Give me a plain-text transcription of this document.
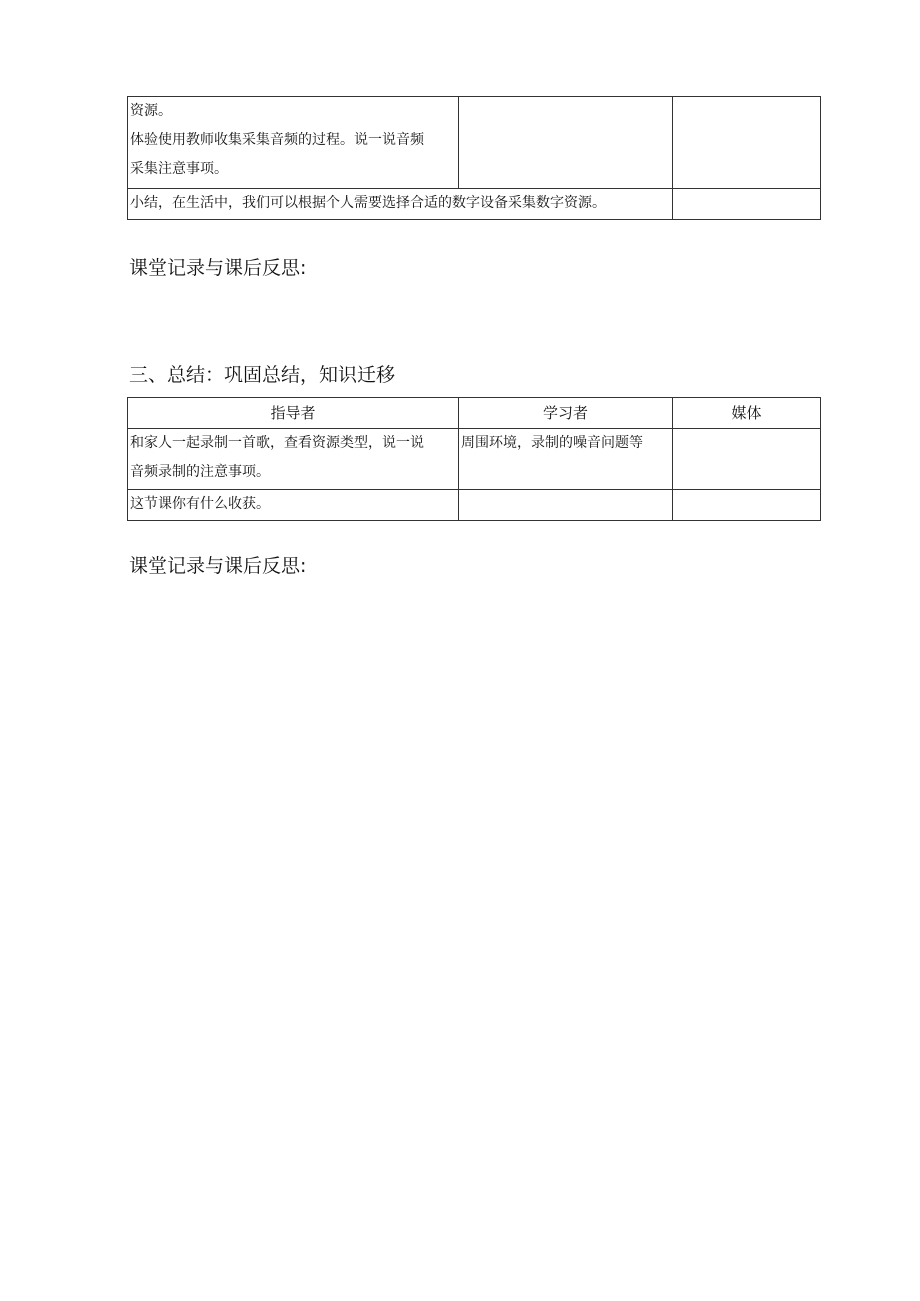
资源。
体验使用教师收集采集音频的过程。说一说音频
采集注意事项。		

小结，在生活中，我们可以根据个人需要选择合适的数字设备采集数字资源。		

课堂记录与课后反思:

三、总结：巩固总结，知识迁移

指导者	学习者	媒体

和家人一起录制一首歌，查看资源类型，说一说
音频录制的注意事项。	周围环境，录制的噪音问题等	
这节课你有什么收获。		

课堂记录与课后反思:
